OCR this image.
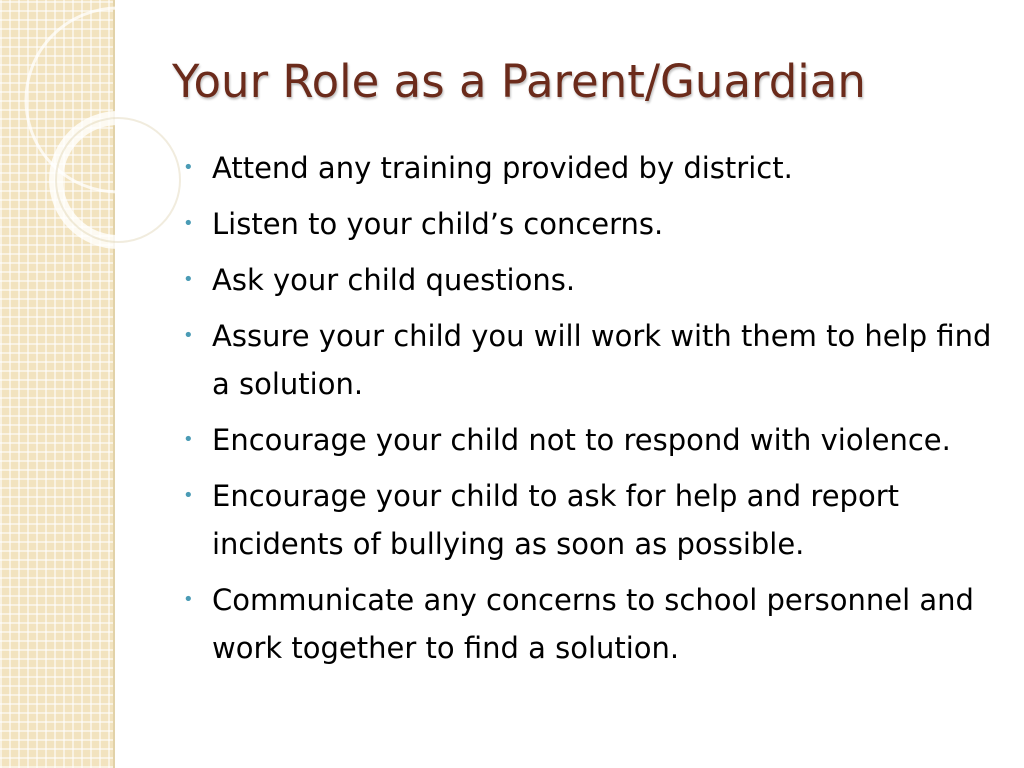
Your Role as a Parent/Guardian
• Attend any training provided by district.
• Listen to your child’s concerns.
• Ask your child questions.
• Assure your child you will work with them to help find a solution.
• Encourage your child not to respond with violence.
• Encourage your child to ask for help and report incidents of bullying as soon as possible.
• Communicate any concerns to school personnel and work together to find a solution.
